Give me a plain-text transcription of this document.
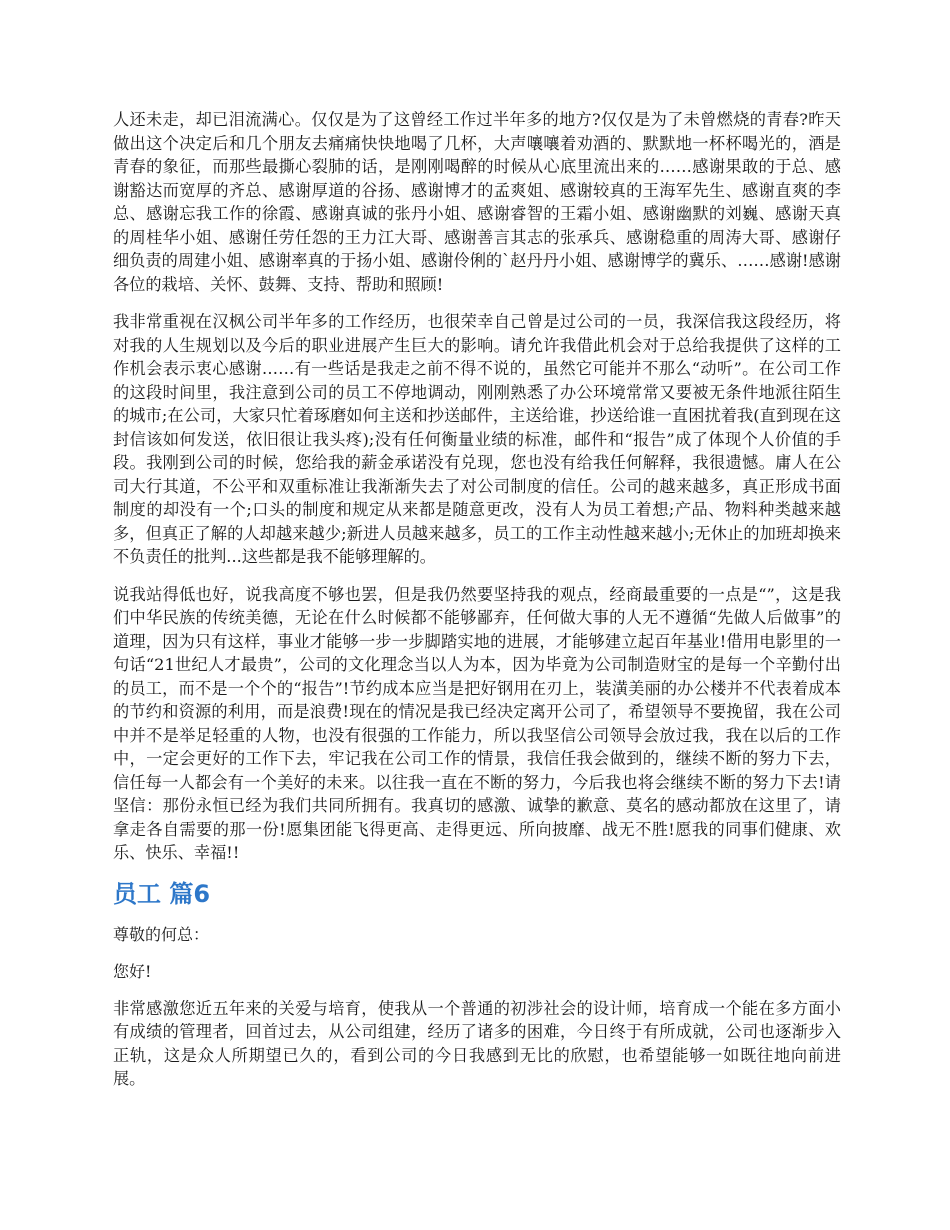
人还未走，却已泪流满心。仅仅是为了这曾经工作过半年多的地方?仅仅是为了未曾燃烧的青春?昨天做出这个决定后和几个朋友去痛痛快快地喝了几杯，大声嚷嚷着劝酒的、默默地一杯杯喝光的，酒是青春的象征，而那些最撕心裂肺的话，是刚刚喝醉的时候从心底里流出来的……感谢果敢的于总、感谢豁达而宽厚的齐总、感谢厚道的谷扬、感谢博才的孟爽姐、感谢较真的王海军先生、感谢直爽的李总、感谢忘我工作的徐霞、感谢真诚的张丹小姐、感谢睿智的王霜小姐、感谢幽默的刘巍、感谢天真的周桂华小姐、感谢任劳任怨的王力江大哥、感谢善言其志的张承兵、感谢稳重的周涛大哥、感谢仔细负责的周建小姐、感谢率真的于扬小姐、感谢伶俐的`赵丹丹小姐、感谢博学的冀乐、……感谢!感谢各位的栽培、关怀、鼓舞、支持、帮助和照顾!

我非常重视在汉枫公司半年多的工作经历，也很荣幸自己曾是过公司的一员，我深信我这段经历，将对我的人生规划以及今后的职业进展产生巨大的影响。请允许我借此机会对于总给我提供了这样的工作机会表示衷心感谢……有一些话是我走之前不得不说的，虽然它可能并不那么“动听”。在公司工作的这段时间里，我注意到公司的员工不停地调动，刚刚熟悉了办公环境常常又要被无条件地派往陌生的城市;在公司，大家只忙着琢磨如何主送和抄送邮件，主送给谁，抄送给谁一直困扰着我(直到现在这封信该如何发送，依旧很让我头疼);没有任何衡量业绩的标准，邮件和“报告”成了体现个人价值的手段。我刚到公司的时候，您给我的薪金承诺没有兑现，您也没有给我任何解释，我很遗憾。庸人在公司大行其道，不公平和双重标准让我渐渐失去了对公司制度的信任。公司的越来越多，真正形成书面制度的却没有一个;口头的制度和规定从来都是随意更改，没有人为员工着想;产品、物料种类越来越多，但真正了解的人却越来越少;新进人员越来越多，员工的工作主动性越来越小;无休止的加班却换来不负责任的批判...这些都是我不能够理解的。

说我站得低也好，说我高度不够也罢，但是我仍然要坚持我的观点，经商最重要的一点是“”，这是我们中华民族的传统美德，无论在什么时候都不能够鄙弃，任何做大事的人无不遵循“先做人后做事”的道理，因为只有这样，事业才能够一步一步脚踏实地的进展，才能够建立起百年基业!借用电影里的一句话“21世纪人才最贵”，公司的文化理念当以人为本，因为毕竟为公司制造财宝的是每一个辛勤付出的员工，而不是一个个的“报告”!节约成本应当是把好钢用在刃上，装潢美丽的办公楼并不代表着成本的节约和资源的利用，而是浪费!现在的情况是我已经决定离开公司了，希望领导不要挽留，我在公司中并不是举足轻重的人物，也没有很强的工作能力，所以我坚信公司领导会放过我，我在以后的工作中，一定会更好的工作下去，牢记我在公司工作的情景，我信任我会做到的，继续不断的努力下去，信任每一人都会有一个美好的未来。以往我一直在不断的努力，今后我也将会继续不断的努力下去!请坚信：那份永恒已经为我们共同所拥有。我真切的感激、诚挚的歉意、莫名的感动都放在这里了，请拿走各自需要的那一份!愿集团能飞得更高、走得更远、所向披靡、战无不胜!愿我的同事们健康、欢乐、快乐、幸福!!

员工 篇6

尊敬的何总：

您好!

非常感激您近五年来的关爱与培育，使我从一个普通的初涉社会的设计师，培育成一个能在多方面小有成绩的管理者，回首过去，从公司组建，经历了诸多的困难，今日终于有所成就，公司也逐渐步入正轨，这是众人所期望已久的，看到公司的今日我感到无比的欣慰，也希望能够一如既往地向前进展。
